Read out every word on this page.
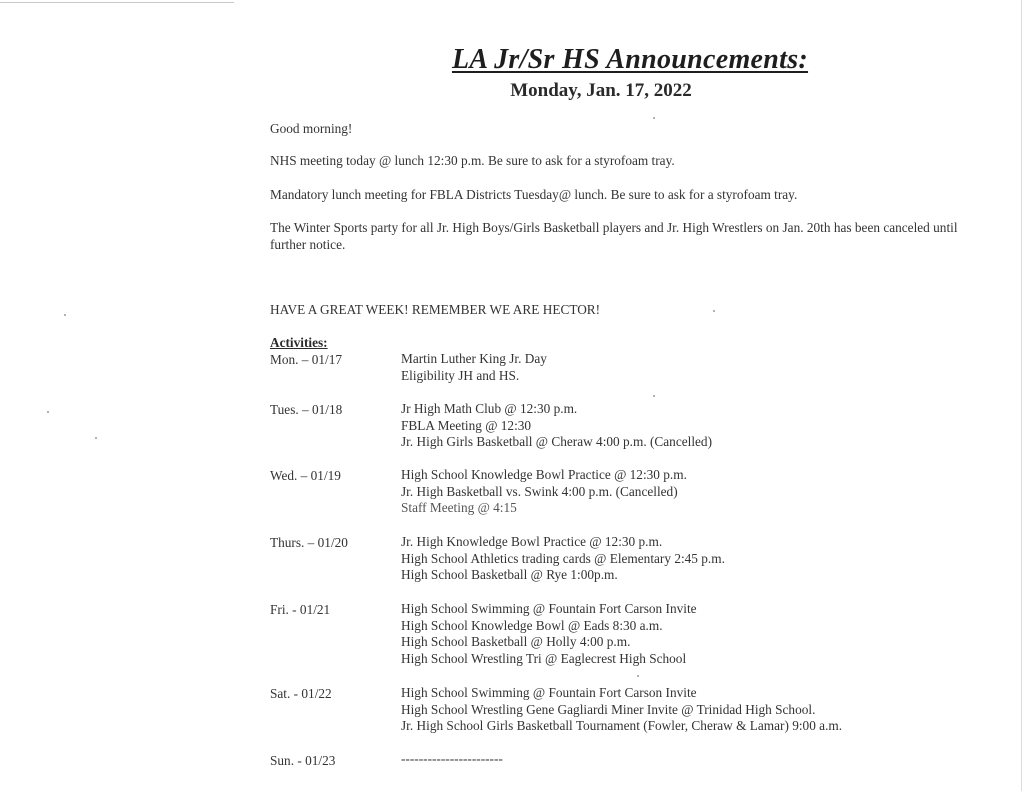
LA Jr/Sr HS Announcements:
Monday, Jan. 17, 2022
Good morning!
NHS meeting today @ lunch 12:30 p.m. Be sure to ask for a styrofoam tray.
Mandatory lunch meeting for FBLA Districts Tuesday@ lunch. Be sure to ask for a styrofoam tray.
The Winter Sports party for all Jr. High Boys/Girls Basketball players and Jr. High Wrestlers on Jan. 20th has been canceled until further notice.
HAVE A GREAT WEEK! REMEMBER WE ARE HECTOR!
Activities:
Mon. – 01/17	Martin Luther King Jr. Day
Eligibility JH and HS.
Tues. – 01/18	Jr High Math Club @ 12:30 p.m.
FBLA Meeting @ 12:30
Jr. High Girls Basketball @ Cheraw 4:00 p.m. (Cancelled)
Wed. – 01/19	High School Knowledge Bowl Practice @ 12:30 p.m.
Jr. High Basketball vs. Swink 4:00 p.m. (Cancelled)
Staff Meeting @ 4:15
Thurs. – 01/20	Jr. High Knowledge Bowl Practice @ 12:30 p.m.
High School Athletics trading cards @ Elementary 2:45 p.m.
High School Basketball @ Rye 1:00p.m.
Fri. - 01/21	High School Swimming @ Fountain Fort Carson Invite
High School Knowledge Bowl @ Eads 8:30 a.m.
High School Basketball @ Holly 4:00 p.m.
High School Wrestling Tri @ Eaglecrest High School
Sat. - 01/22	High School Swimming @ Fountain Fort Carson Invite
High School Wrestling Gene Gagliardi Miner Invite @ Trinidad High School.
Jr. High School Girls Basketball Tournament (Fowler, Cheraw & Lamar) 9:00 a.m.
Sun. - 01/23	-----------------------
